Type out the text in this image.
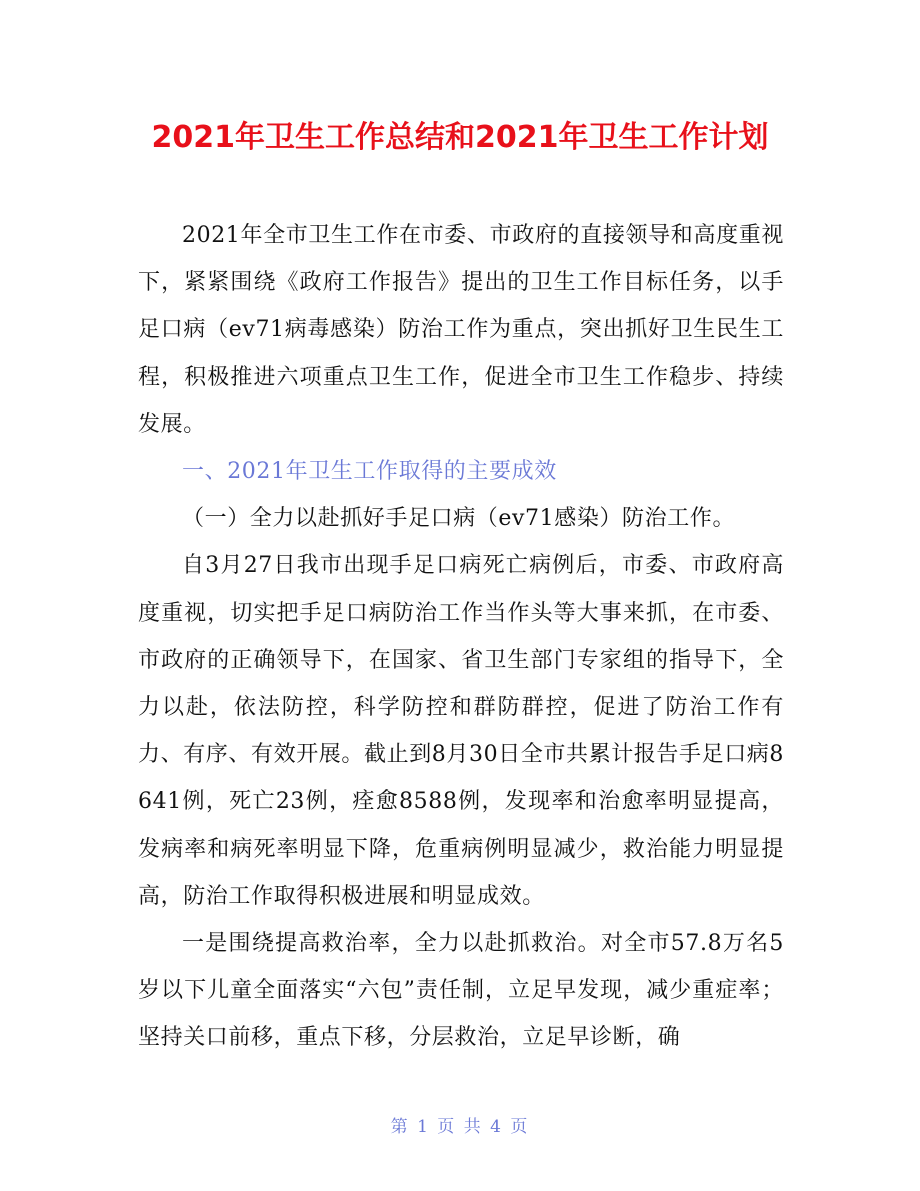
2021年卫生工作总结和2021年卫生工作计划

2021年全市卫生工作在市委、市政府的直接领导和高度重视下，紧紧围绕《政府工作报告》提出的卫生工作目标任务，以手足口病（ev71病毒感染）防治工作为重点，突出抓好卫生民生工程，积极推进六项重点卫生工作，促进全市卫生工作稳步、持续发展。

一、2021年卫生工作取得的主要成效

（一）全力以赴抓好手足口病（ev71感染）防治工作。

自3月27日我市出现手足口病死亡病例后，市委、市政府高度重视，切实把手足口病防治工作当作头等大事来抓，在市委、市政府的正确领导下，在国家、省卫生部门专家组的指导下，全力以赴，依法防控，科学防控和群防群控，促进了防治工作有力、有序、有效开展。截止到8月30日全市共累计报告手足口病8641例，死亡23例，痊愈8588例，发现率和治愈率明显提高，发病率和病死率明显下降，危重病例明显减少，救治能力明显提高，防治工作取得积极进展和明显成效。

一是围绕提高救治率，全力以赴抓救治。对全市57.8万名5岁以下儿童全面落实“六包”责任制，立足早发现，减少重症率；坚持关口前移，重点下移，分层救治，立足早诊断，确

第 1 页 共 4 页
